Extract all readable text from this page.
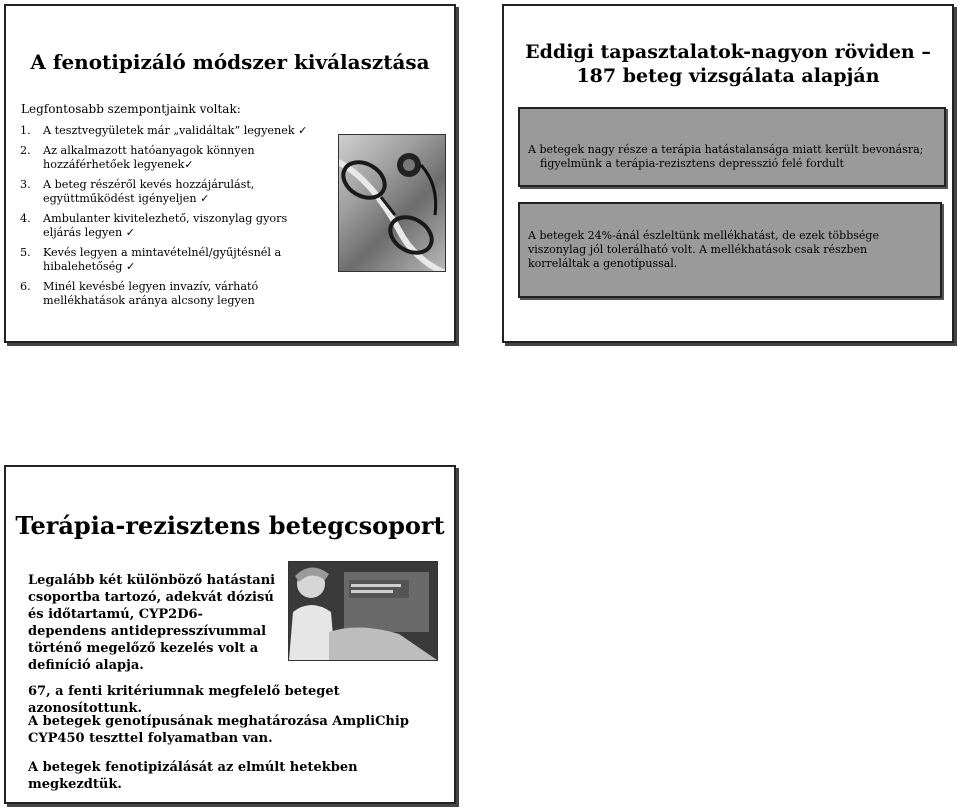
A fenotipizáló módszer kiválasztása
Legfontosabb szempontjaink voltak:
1. A tesztvegyületek már „validáltak” legyenek ✓
2. Az alkalmazott hatóanyagok könnyen hozzáférhetőek legyenek✓
3. A beteg részéről kevés hozzájárulást, együttműködést igényeljen ✓
4. Ambulanter kivitelezhető, viszonylag gyors eljárás legyen ✓
5. Kevés legyen a mintavételnél/gyűjtésnél a hibalehetőség ✓
6. Minél kevésbé legyen invazív, várható mellékhatások aránya alcsony legyen
Eddigi tapasztalatok-nagyon röviden –
187 beteg vizsgálata alapján
A betegek nagy része a terápia hatástalansága miatt került bevonásra;
figyelmünk a terápia-rezisztens depresszió felé fordult
A betegek 24%-ánál észleltünk mellékhatást, de ezek többsége viszonylag jól tolerálható volt. A mellékhatások csak részben korreláltak a genotípussal.
Terápia-rezisztens betegcsoport
Legalább két különböző hatástani csoportba tartozó, adekvát dózisú és időtartamú, CYP2D6-dependens antidepresszívummal történő megelőző kezelés volt a definíció alapja.
67, a fenti kritériumnak megfelelő beteget azonosítottunk.
A betegek genotípusának meghatározása AmpliChip CYP450 teszttel folyamatban van.
A betegek fenotipizálását az elmúlt hetekben megkezdtük.
